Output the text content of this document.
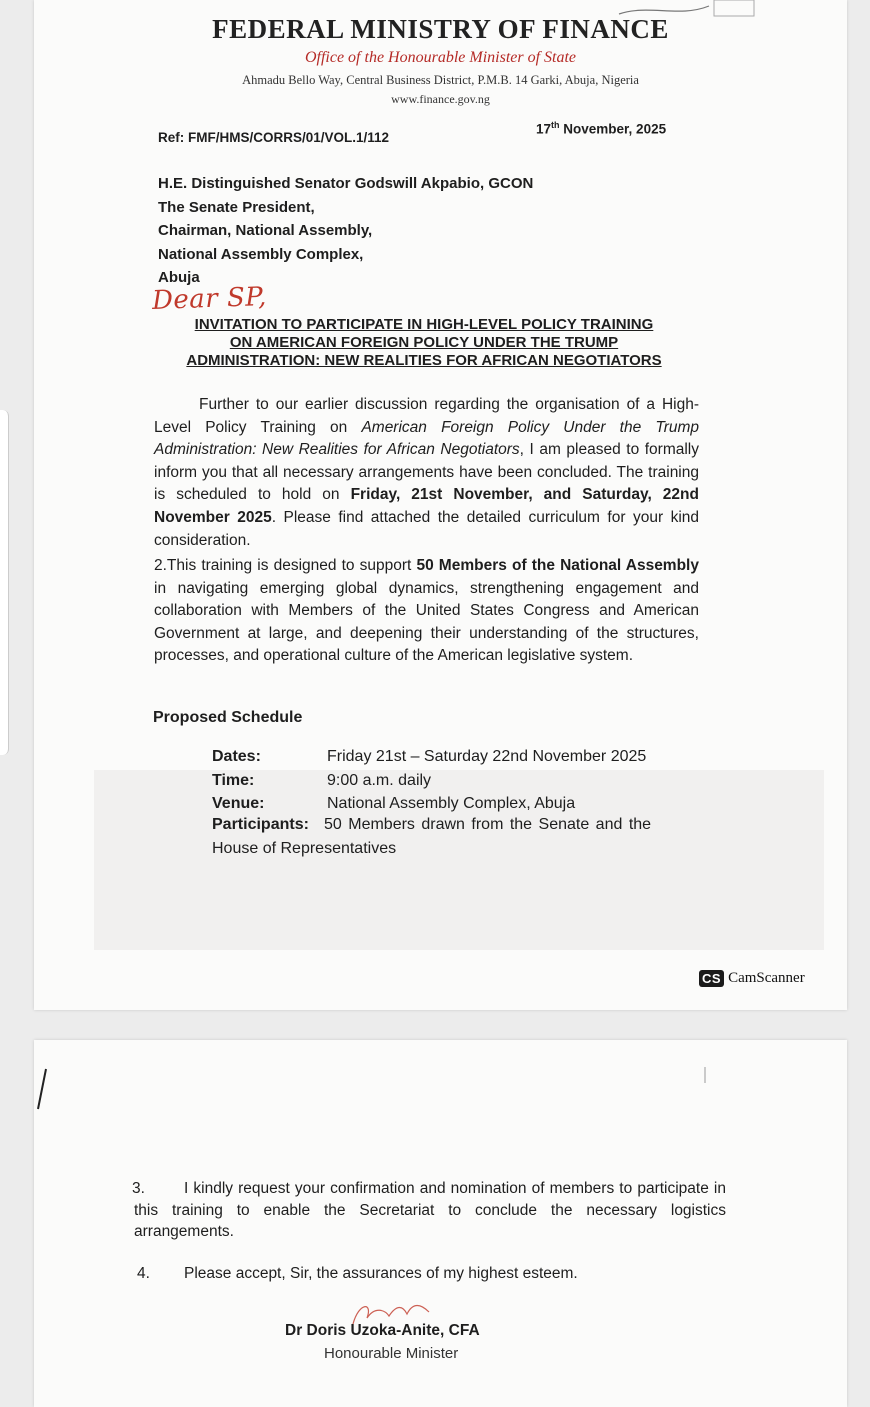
FEDERAL MINISTRY OF FINANCE
Office of the Honourable Minister of State
Ahmadu Bello Way, Central Business District, P.M.B. 14 Garki, Abuja, Nigeria
www.finance.gov.ng
Ref: FMF/HMS/CORRS/01/VOL.1/112
17th November, 2025
H.E. Distinguished Senator Godswill Akpabio, GCON
The Senate President,
Chairman, National Assembly,
National Assembly Complex,
Abuja
Dear SP,
INVITATION TO PARTICIPATE IN HIGH-LEVEL POLICY TRAINING
ON AMERICAN FOREIGN POLICY UNDER THE TRUMP
ADMINISTRATION: NEW REALITIES FOR AFRICAN NEGOTIATORS
Further to our earlier discussion regarding the organisation of a High-Level Policy Training on American Foreign Policy Under the Trump Administration: New Realities for African Negotiators, I am pleased to formally inform you that all necessary arrangements have been concluded. The training is scheduled to hold on Friday, 21st November, and Saturday, 22nd November 2025. Please find attached the detailed curriculum for your kind consideration.
2.This training is designed to support 50 Members of the National Assembly in navigating emerging global dynamics, strengthening engagement and collaboration with Members of the United States Congress and American Government at large, and deepening their understanding of the structures, processes, and operational culture of the American legislative system.
Proposed Schedule
Dates:	Friday 21st – Saturday 22nd November 2025
Time:	9:00 a.m. daily
Venue:	National Assembly Complex, Abuja
Participants: 50 Members drawn from the Senate and the
House of Representatives
CS CamScanner
3.	I kindly request your confirmation and nomination of members to participate in this training to enable the Secretariat to conclude the necessary logistics arrangements.
4. Please accept, Sir, the assurances of my highest esteem.
Dr Doris Uzoka-Anite, CFA
Honourable Minister
